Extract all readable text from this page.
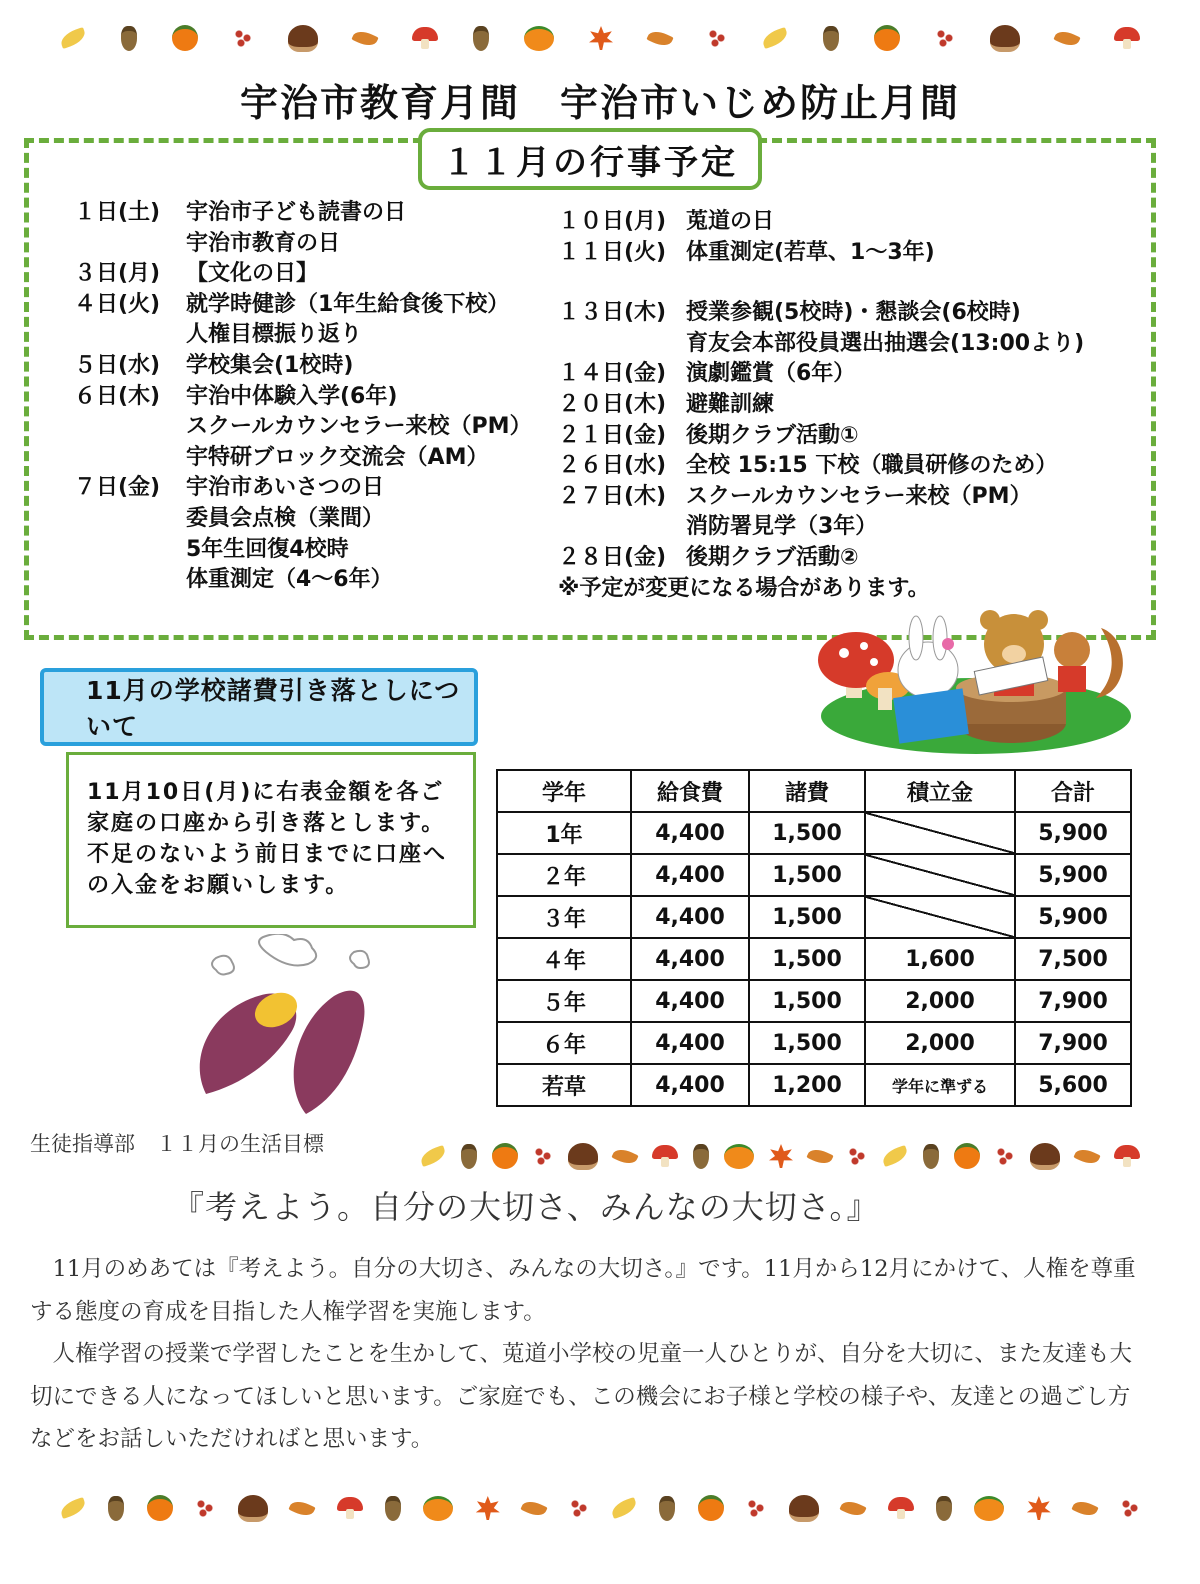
宇治市教育月間　宇治市いじめ防止月間
１１月の行事予定
１日(土)	宇治市子ども読書の日
宇治市教育の日
３日(月)	【文化の日】
４日(火)	就学時健診（1年生給食後下校）
人権目標振り返り
５日(水)	学校集会(1校時)
６日(木)	宇治中体験入学(6年)
スクールカウンセラー来校（PM）
宇特研ブロック交流会（AM）
７日(金)	宇治市あいさつの日
委員会点検（業間）
5年生回復4校時
体重測定（4～6年）
１０日(月) 莵道の日
１１日(火) 体重測定(若草、1～3年)
１３日(木) 授業参観(5校時)・懇談会(6校時)
育友会本部役員選出抽選会(13:00より)
１４日(金) 演劇鑑賞（6年）
２０日(木) 避難訓練
２１日(金) 後期クラブ活動①
２６日(水) 全校 15:15 下校（職員研修のため）
２７日(木) スクールカウンセラー来校（PM）
消防署見学（3年）
２８日(金) 後期クラブ活動②
※予定が変更になる場合があります。
11月の学校諸費引き落としについて
11月10日(月)に右表金額を各ご家庭の口座から引き落とします。不足のないよう前日までに口座への入金をお願いします。
学年	給食費	諸費	積立金	合計
1年	4,400	1,500		5,900
２年	4,400	1,500		5,900
３年	4,400	1,500		5,900
４年	4,400	1,500	1,600	7,500
５年	4,400	1,500	2,000	7,900
６年	4,400	1,500	2,000	7,900
若草	4,400	1,200	学年に準ずる	5,600
生徒指導部　１１月の生活目標
『考えよう。自分の大切さ、みんなの大切さ。』

11月のめあては『考えよう。自分の大切さ、みんなの大切さ。』です。11月から12月にかけて、人権を尊重する態度の育成を目指した人権学習を実施します。

人権学習の授業で学習したことを生かして、莵道小学校の児童一人ひとりが、自分を大切に、また友達も大切にできる人になってほしいと思います。ご家庭でも、この機会にお子様と学校の様子や、友達との過ごし方などをお話しいただければと思います。
